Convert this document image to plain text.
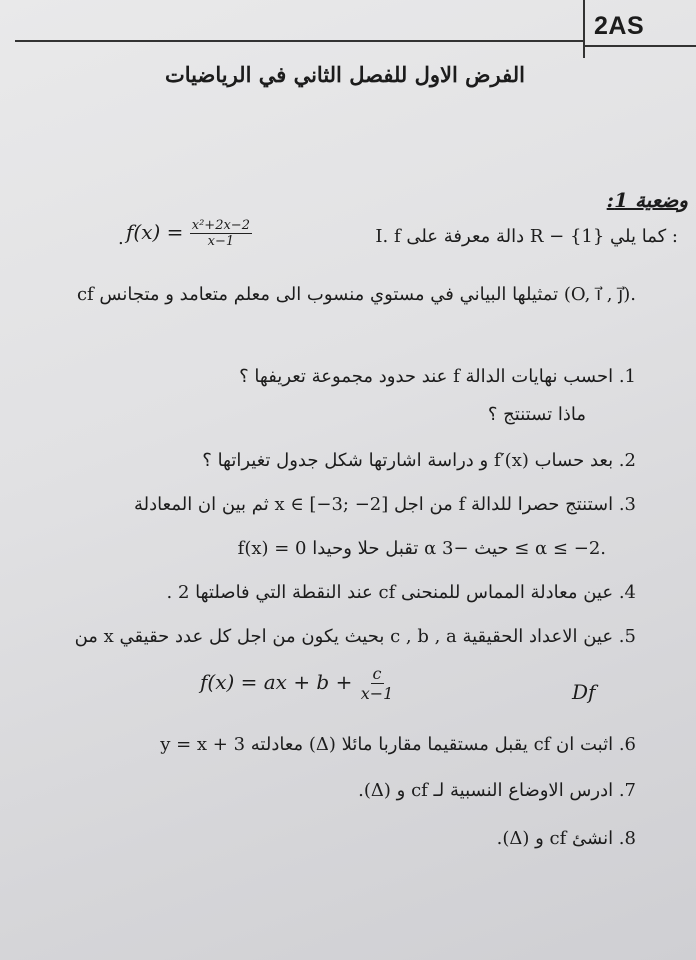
2AS
الفرض الاول للفصل الثاني في الرياضيات
وضعية 1:
I. f دالة معرفة على R − {1} كما يلي :
$f(x) = \frac{\text{x²+2x−2}}{x-1}$
.
cf تمثيلها البياني في مستوي منسوب الى معلم متعامد و متجانس (O, i⃗ , j⃗).
1. احسب نهايات الدالة f عند حدود مجموعة تعريفها ؟
ماذا تستنتج ؟
2. بعد حساب f′(x) و دراسة اشارتها شكل جدول تغيراتها ؟
3. استنتج حصرا للدالة f من اجل x ∈ [−3; −2] ثم بين ان المعادلة
f(x) = 0 تقبل حلا وحيدا α حيث −3 ≤ α ≤ −2.
4. عين معادلة المماس للمنحنى cf عند النقطة التي فاصلتها 2 .
5. عين الاعداد الحقيقية c , b , a بحيث يكون من اجل كل عدد حقيقي x من
f(x) = ax + $b + \frac{c}{x-1}$	Df
6. اثبت ان cf يقبل مستقيما مقاربا مائلا (Δ) معادلته y = x + 3
7. ادرس الاوضاع النسبية لـ cf و (Δ).
8. انشئ cf و (Δ).
